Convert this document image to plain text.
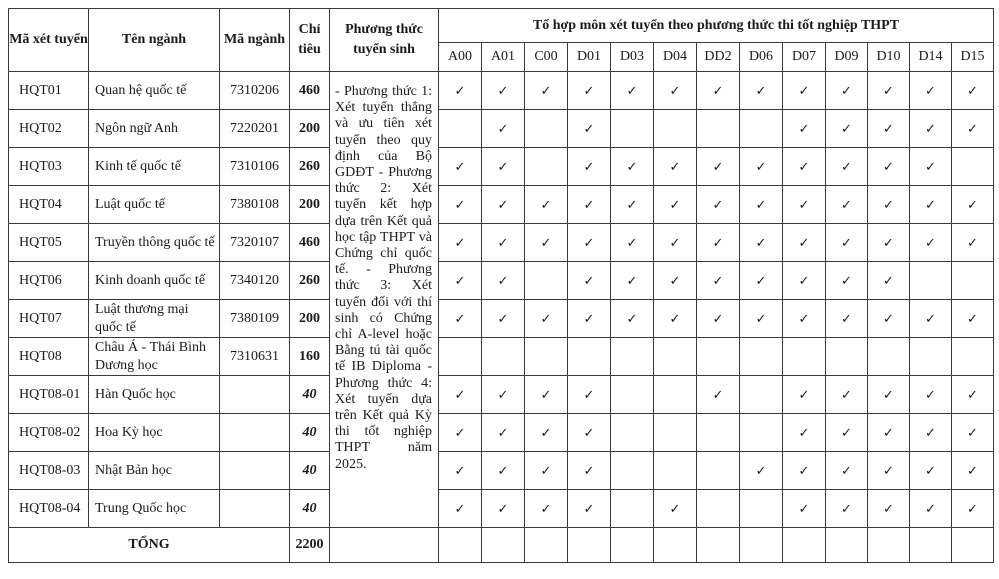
Mã xét tuyển	Tên ngành	Mã ngành	Chỉ tiêu	Phương thức tuyển sinh	Tổ hợp môn xét tuyển theo phương thức thi tốt nghiệp THPT												
					A00	A01	C00	D01	D03	D04	DD2	D06	D07	D09	D10	D14	D15
HQT01	Quan hệ quốc tế	7310206	460	- Phương thức 1: Xét tuyển thẳng và ưu tiên xét tuyển theo quy định của Bộ GDĐT - Phương thức 2: Xét tuyển kết hợp dựa trên Kết quả học tập THPT và Chứng chỉ quốc tế. - Phương thức 3: Xét tuyển đối với thí sinh có Chứng chỉ A-level hoặc Bằng tú tài quốc tế IB Diploma - Phương thức 4: Xét tuyển dựa trên Kết quả Kỳ thi tốt nghiệp THPT năm 2025.	✓	✓	✓	✓	✓	✓	✓	✓	✓	✓	✓	✓	✓
HQT02	Ngôn ngữ Anh	7220201	200			✓		✓					✓	✓	✓	✓	✓
HQT03	Kinh tế quốc tế	7310106	260		✓	✓		✓	✓	✓	✓	✓	✓	✓	✓	✓	
HQT04	Luật quốc tế	7380108	200		✓	✓	✓	✓	✓	✓	✓	✓	✓	✓	✓	✓	✓
HQT05	Truyền thông quốc tế	7320107	460		✓	✓	✓	✓	✓	✓	✓	✓	✓	✓	✓	✓	✓
HQT06	Kinh doanh quốc tế	7340120	260		✓	✓		✓	✓	✓	✓	✓	✓	✓	✓		
HQT07	Luật thương mại quốc tế	7380109	200		✓	✓	✓	✓	✓	✓	✓	✓	✓	✓	✓	✓	✓
HQT08	Châu Á - Thái Bình Dương học	7310631	160														
HQT08-01	Hàn Quốc học		40		✓	✓	✓	✓			✓		✓	✓	✓	✓	✓
HQT08-02	Hoa Kỳ học		40		✓	✓	✓	✓					✓	✓	✓	✓	✓
HQT08-03	Nhật Bản học		40		✓	✓	✓	✓				✓	✓	✓	✓	✓	✓
HQT08-04	Trung Quốc học		40		✓	✓	✓	✓		✓			✓	✓	✓	✓	✓
TỔNG			2200														
